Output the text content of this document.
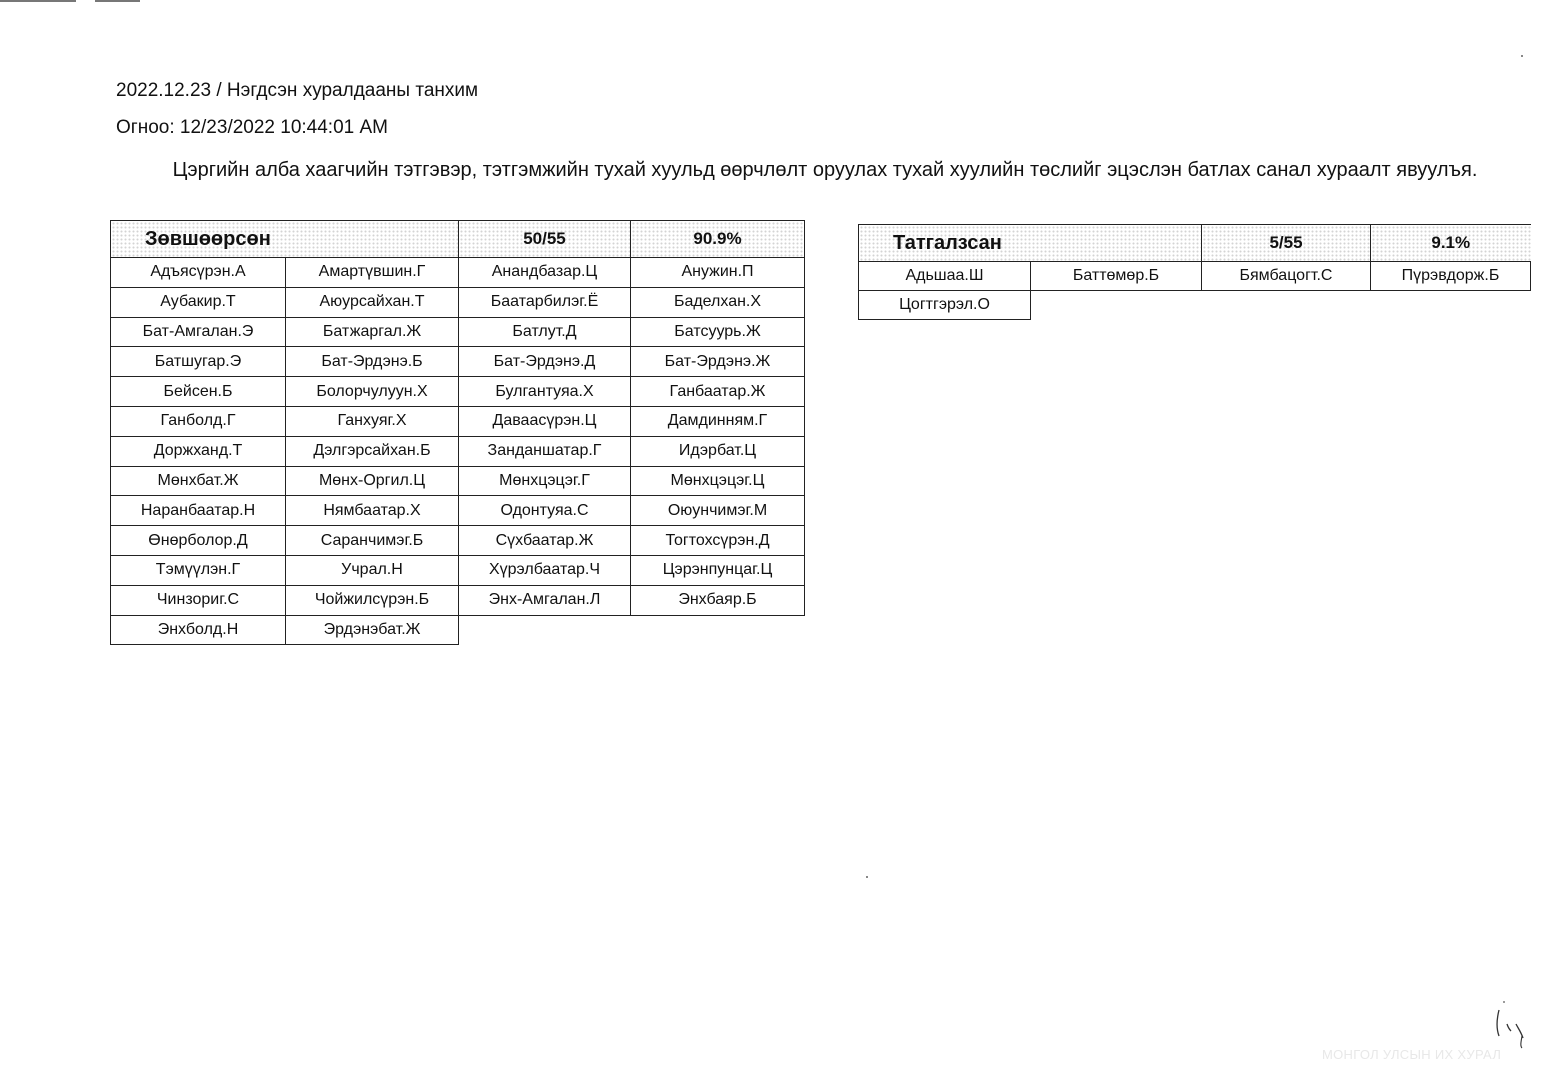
2022.12.23 / Нэгдсэн хуралдааны танхим
Огноо: 12/23/2022 10:44:01 AM
Цэргийн алба хаагчийн тэтгэвэр, тэтгэмжийн тухай хуульд өөрчлөлт оруулах тухай хуулийн төслийг эцэслэн батлах санал хураалт явуулъя.
Зөвшөөрсөн		50/55	90.9%
Адъясүрэн.А	Амартүвшин.Г	Анандбазар.Ц	Анужин.П
Аубакир.Т	Аюурсайхан.Т	Баатарбилэг.Ё	Баделхан.Х
Бат-Амгалан.Э	Батжаргал.Ж	Батлут.Д	Батсуурь.Ж
Батшугар.Э	Бат-Эрдэнэ.Б	Бат-Эрдэнэ.Д	Бат-Эрдэнэ.Ж
Бейсен.Б	Болорчулуун.Х	Булгантуяа.Х	Ганбаатар.Ж
Ганболд.Г	Ганхуяг.Х	Даваасүрэн.Ц	Дамдинням.Г
Доржханд.Т	Дэлгэрсайхан.Б	Занданшатар.Г	Идэрбат.Ц
Мөнхбат.Ж	Мөнх-Оргил.Ц	Мөнхцэцэг.Г	Мөнхцэцэг.Ц
Наранбаатар.Н	Нямбаатар.Х	Одонтуяа.С	Оюунчимэг.М
Өнөрболор.Д	Саранчимэг.Б	Сүхбаатар.Ж	Тогтохсүрэн.Д
Тэмүүлэн.Г	Учрал.Н	Хүрэлбаатар.Ч	Цэрэнпунцаг.Ц
Чинзориг.С	Чойжилсүрэн.Б	Энх-Амгалан.Л	Энхбаяр.Б
Энхболд.Н	Эрдэнэбат.Ж		
Татгалзсан		5/55	9.1%
Адьшаа.Ш	Баттөмөр.Б	Бямбацогт.С	Пүрэвдорж.Б
Цогтгэрэл.О			
МОНГОЛ УЛСЫН ИХ ХУРАЛ
